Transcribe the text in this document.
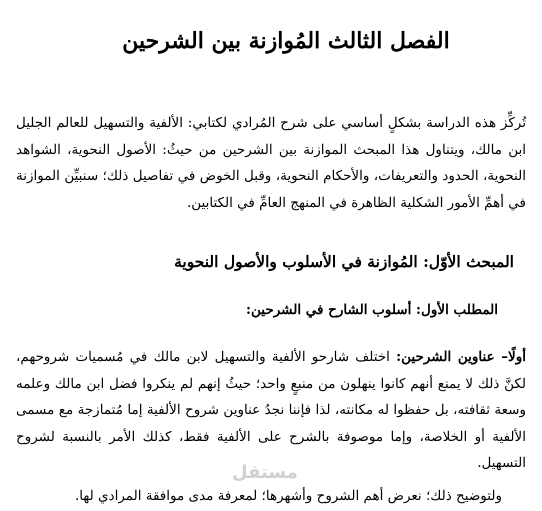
الفصل الثالث المُوازنة بين الشرحين

تُركِّز هذه الدراسة بشكلٍ أساسي على شرح المُرادي لكتابي: الألفية والتسهيل للعالم الجليل ابن مالك، ويتناول هذا المبحث الموازنة بين الشرحين من حيثُ: الأصول النحوية، الشواهد النحوية، الحدود والتعريفات، والأحكام النحوية، وقبل الخوض في تفاصيل ذلك؛ سنبيِّن الموازنة في أهمِّ الأمور الشكلية الظاهرة في المنهج العامِّ في الكتابين.

المبحث الأوّل: المُوازنة في الأسلوب والأصول النحوية
المطلب الأول: أسلوب الشارح في الشرحين:

أولًا– عناوين الشرحين: اختلف شارحو الألفية والتسهيل لابن مالك في مُسميات شروحهم، لكنَّ ذلك لا يمنع أنهم كانوا ينهلون من منبعٍ واحد؛ حيثُ إنهم لم ينكروا فضل ابن مالك وعلمه وسعة ثقافته، بل حفظوا له مكانته، لذا فإننا نجدُ عناوين شروح الألفية إما مُتمازجة مع مسمى الألفية أو الخلاصة، وإما موصوفة بالشرح على الألفية فقط، كذلك الأمر بالنسبة لشروح التسهيل.

ولتوضيح ذلك؛ نعرض أهم الشروح وأشهرها؛ لمعرفة مدى موافقة المرادي لها.
مستقل
